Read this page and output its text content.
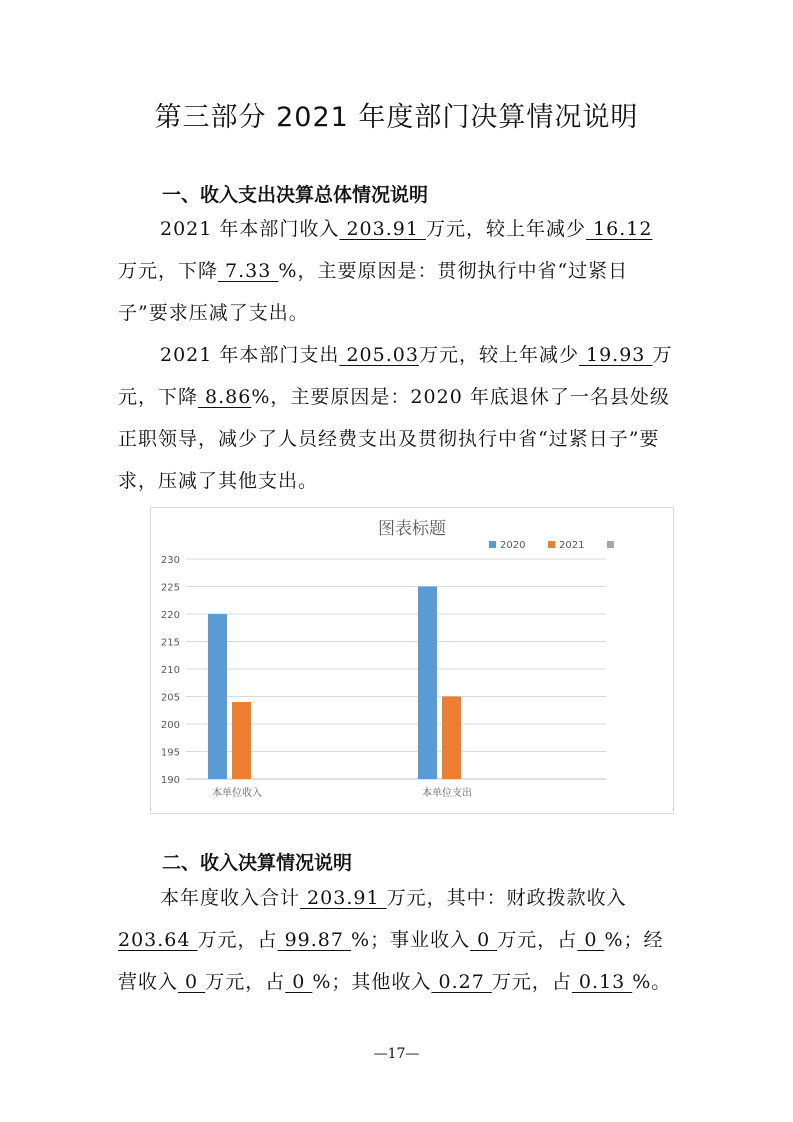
第三部分 2021 年度部门决算情况说明
一、收入支出决算总体情况说明
2021 年本部门收入 203.91 万元，较上年减少 16.12 万元，下降 7.33 %，主要原因是：贯彻执行中省“过紧日子”要求压减了支出。
2021 年本部门支出 205.03万元，较上年减少 19.93 万元，下降 8.86%，主要原因是：2020 年底退休了一名县处级正职领导，减少了人员经费支出及贯彻执行中省“过紧日子”要求，压减了其他支出。
图表标题
230
225
220
215
210
205
200
195
190
本单位收入	本单位支出
2020	2021
二、收入决算情况说明
本年度收入合计 203.91 万元，其中：财政拨款收入 203.64 万元，占 99.87 %；事业收入 0 万元，占 0 %；经营收入 0 万元，占 0 %；其他收入 0.27 万元，占 0.13 %。
—17—
